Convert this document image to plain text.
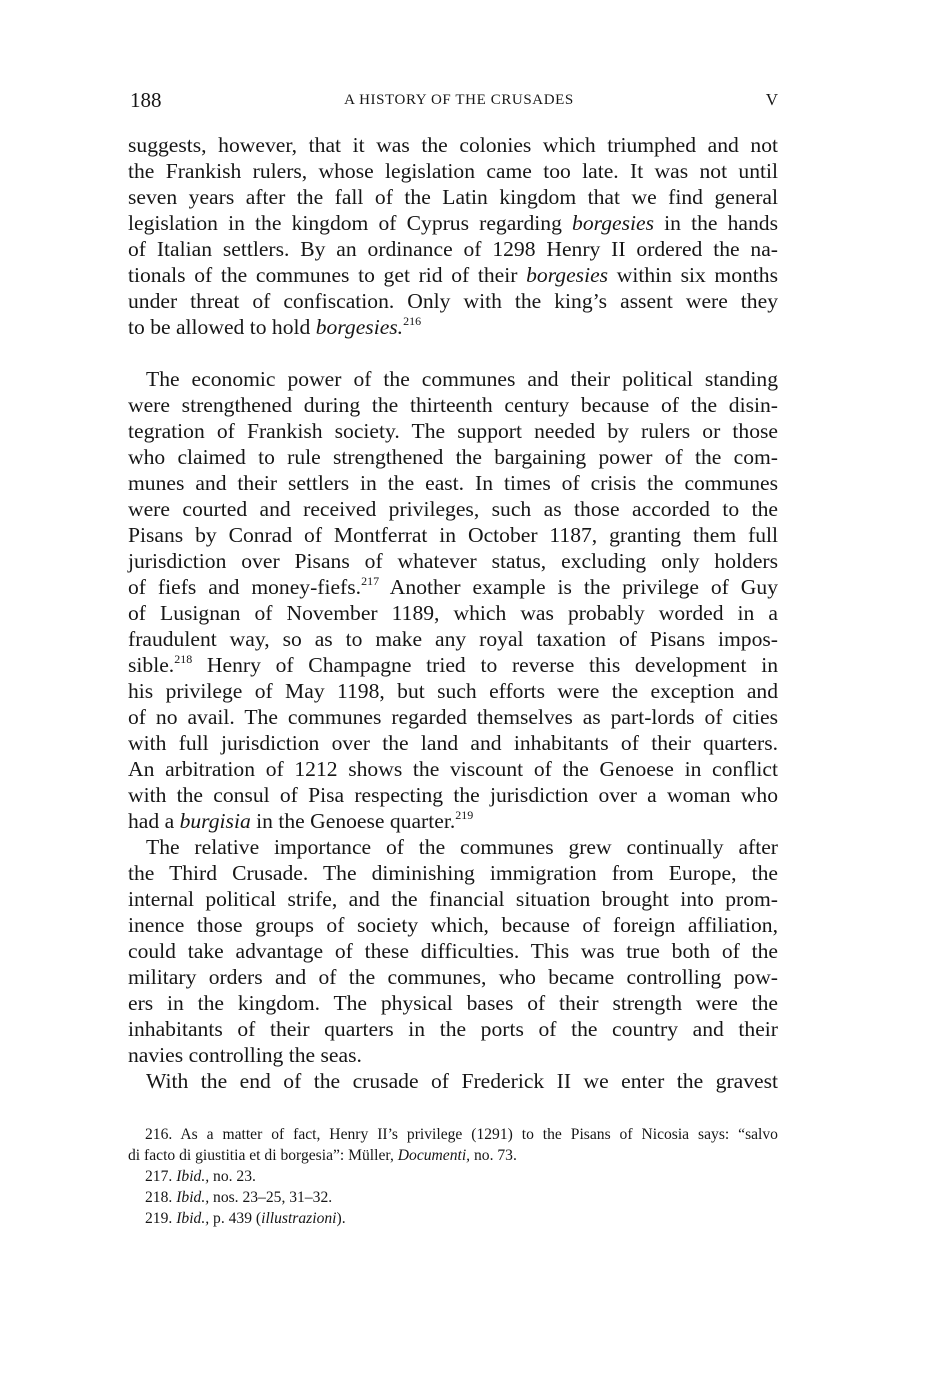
188	A HISTORY OF THE CRUSADES	V
suggests, however, that it was the colonies which triumphed and not
the Frankish rulers, whose legislation came too late. It was not until
seven years after the fall of the Latin kingdom that we find general
legislation in the kingdom of Cyprus regarding borgesies in the hands
of Italian settlers. By an ordinance of 1298 Henry II ordered the na-
tionals of the communes to get rid of their borgesies within six months
under threat of confiscation. Only with the king’s assent were they
to be allowed to hold borgesies.$^{216}$
The economic power of the communes and their political standing
were strengthened during the thirteenth century because of the disin-
tegration of Frankish society. The support needed by rulers or those
who claimed to rule strengthened the bargaining power of the com-
munes and their settlers in the east. In times of crisis the communes
were courted and received privileges, such as those accorded to the
Pisans by Conrad of Montferrat in October 1187, granting them full
jurisdiction over Pisans of whatever status, excluding only holders
of fiefs and money-fiefs.$^{217}$ Another example is the privilege of Guy
of Lusignan of November 1189, which was probably worded in a
fraudulent way, so as to make any royal taxation of Pisans impos-
sible.$^{218}$ Henry of Champagne tried to reverse this development in
his privilege of May 1198, but such efforts were the exception and
of no avail. The communes regarded themselves as part-lords of cities
with full jurisdiction over the land and inhabitants of their quarters.
An arbitration of 1212 shows the viscount of the Genoese in conflict
with the consul of Pisa respecting the jurisdiction over a woman who
had a burgisia in the Genoese quarter.$^{219}$
The relative importance of the communes grew continually after
the Third Crusade. The diminishing immigration from Europe, the
internal political strife, and the financial situation brought into prom-
inence those groups of society which, because of foreign affiliation,
could take advantage of these difficulties. This was true both of the
military orders and of the communes, who became controlling pow-
ers in the kingdom. The physical bases of their strength were the
inhabitants of their quarters in the ports of the country and their
navies controlling the seas.
With the end of the crusade of Frederick II we enter the gravest
216. As a matter of fact, Henry II’s privilege (1291) to the Pisans of Nicosia says: “salvo
di facto di giustitia et di borgesia”: Müller, Documenti, no. 73.
217. Ibid., no. 23.
218. Ibid., nos. 23–25, 31–32.
219. Ibid., p. 439 (illustrazioni).
